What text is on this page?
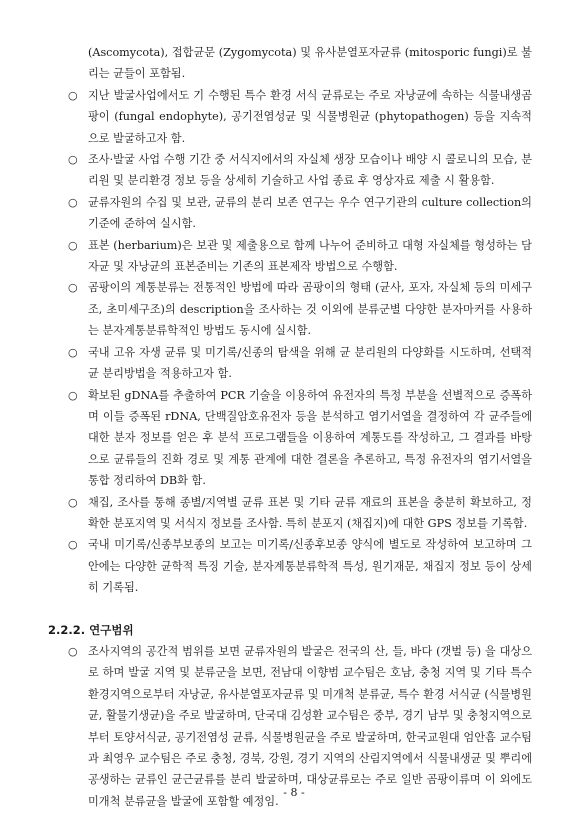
(Ascomycota), 접합균문 (Zygomycota) 및 유사분열포자균류 (mitosporic fungi)로 불리는 균들이 포함됨.
○ 지난 발굴사업에서도 기 수행된 특수 환경 서식 균류로는 주로 자낭균에 속하는 식물내생곰팡이 (fungal endophyte), 공기전염성균 및 식물병원균 (phytopathogen) 등을 지속적으로 발굴하고자 함.
○ 조사·발굴 사업 수행 기간 중 서식지에서의 자실체 생장 모습이나 배양 시 콜로니의 모습, 분리원 및 분리환경 정보 등을 상세히 기술하고 사업 종료 후 영상자료 제출 시 활용함.
○ 균류자원의 수집 및 보관, 균류의 분리 보존 연구는 우수 연구기관의 culture collection의 기준에 준하여 실시함.
○ 표본 (herbarium)은 보관 및 제출용으로 함께 나누어 준비하고 대형 자실체를 형성하는 담자균 및 자낭균의 표본준비는 기존의 표본제작 방법으로 수행함.
○ 곰팡이의 계통분류는 전통적인 방법에 따라 곰팡이의 형태 (균사, 포자, 자실체 등의 미세구조, 초미세구조)의 description을 조사하는 것 이외에 분류군별 다양한 분자마커를 사용하는 분자계통분류학적인 방법도 동시에 실시함.
○ 국내 고유 자생 균류 및 미기록/신종의 탐색을 위해 균 분리원의 다양화를 시도하며, 선택적 균 분리방법을 적용하고자 함.
○ 확보된 gDNA를 추출하여 PCR 기술을 이용하여 유전자의 특정 부분을 선별적으로 증폭하며 이들 증폭된 rDNA, 단백질암호유전자 등을 분석하고 염기서열을 결정하여 각 균주들에 대한 분자 정보를 얻은 후 분석 프로그램들을 이용하여 계통도를 작성하고, 그 결과를 바탕으로 균류들의 진화 경로 및 계통 관계에 대한 결론을 추론하고, 특정 유전자의 염기서열을 통합 정리하여 DB화 함.
○ 채집, 조사를 통해 종별/지역별 균류 표본 및 기타 균류 재료의 표본을 충분히 확보하고, 정확한 분포지역 및 서식지 정보를 조사함. 특히 분포지 (채집지)에 대한 GPS 정보를 기록함.
○ 국내 미기록/신종부보종의 보고는 미기록/신종후보종 양식에 별도로 작성하여 보고하며 그 안에는 다양한 균학적 특징 기술, 분자계통분류학적 특성, 원기재문, 채집지 정보 등이 상세히 기록됨.
2.2.2. 연구범위
○ 조사지역의 공간적 범위를 보면 균류자원의 발굴은 전국의 산, 들, 바다 (갯벌 등) 을 대상으로 하며 발굴 지역 및 분류군을 보면, 전남대 이향범 교수팀은 호남, 충청 지역 및 기타 특수 환경지역으로부터 자낭균, 유사분열포자균류 및 미개척 분류균, 특수 환경 서식균 (식물병원균, 활물기생균)을 주로 발굴하며, 단국대 김성환 교수팀은 중부, 경기 남부 및 충청지역으로부터 토양서식균, 공기전염성 균류, 식물병원균을 주로 발굴하며, 한국교원대 엄안흠 교수팀과 최영우 교수팀은 주로 충청, 경북, 강원, 경기 지역의 산림지역에서 식물내생균 및 뿌리에 공생하는 균류인 균근균류를 분리 발굴하며, 대상균류로는 주로 일반 곰팡이류며 이 외에도 미개척 분류균을 발굴에 포함할 예정임.
- 8 -
